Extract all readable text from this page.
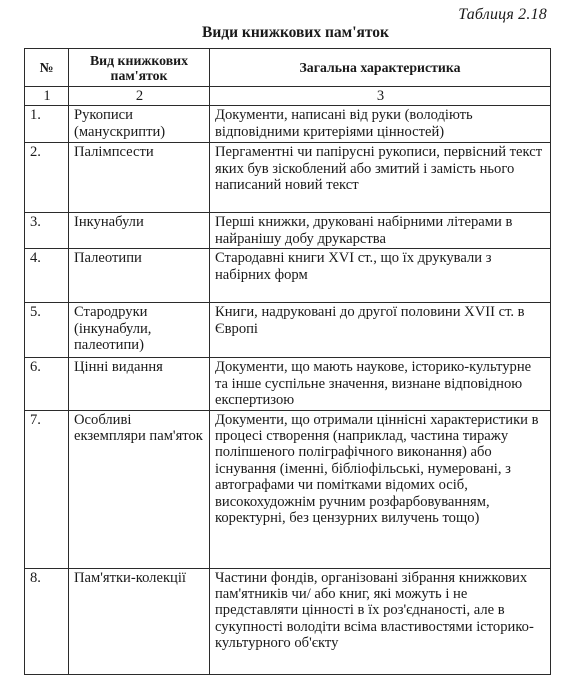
Таблиця 2.18
Види книжкових пам'яток
№	Вид книжкових пам'яток	Загальна характеристика
1	2	3
1.	Рукописи (манускрипти)	Документи, написані від руки (володіють відповідними критеріями цінностей)
2.	Палімпсести	Пергаментні чи папірусні рукописи, первісний текст яких був зіскоблений або змитий і замість нього написаний новий текст
3.	Інкунабули	Перші книжки, друковані набірними літерами в найранішу добу друкарства
4.	Палеотипи	Стародавні книги XVI ст., що їх друкували з набірних форм
5.	Стародруки (інкунабули, палеотипи)	Книги, надруковані до другої половини XVII ст. в Європі
6.	Цінні видання	Документи, що мають наукове, історико-культурне та інше суспільне значення, визнане відповідною експертизою
7.	Особливі екземпляри пам'яток	Документи, що отримали ціннісні характеристики в процесі створення (наприклад, частина тиражу поліпшеного поліграфічного виконання) або існування (іменні, бібліофільські, нумеровані, з автографами чи помітками відомих осіб, високохудожнім ручним розфарбовуванням, коректурні, без цензурних вилучень тощо)
8.	Пам'ятки-колекції	Частини фондів, організовані зібрання книжкових пам'ятників чи/ або книг, які можуть і не представляти цінності в їх роз'єднаності, але в сукупності володіти всіма властивостями історико-культурного об'єкту
